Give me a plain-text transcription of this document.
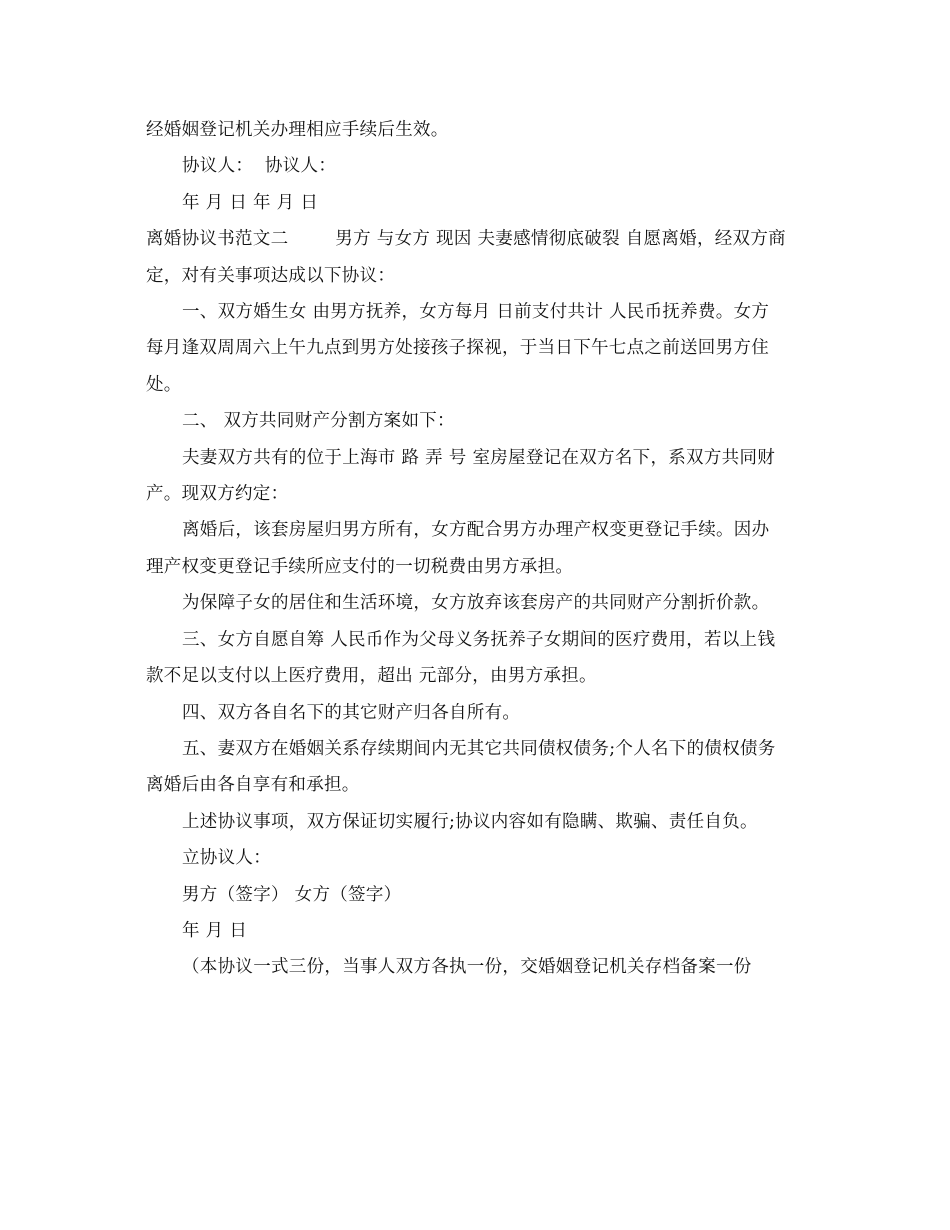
经婚姻登记机关办理相应手续后生效。

协议人：  协议人：

年 月 日 年 月 日

离婚协议书范文二        男方 与女方 现因 夫妻感情彻底破裂 自愿离婚，经双方商

定，对有关事项达成以下协议：

一、双方婚生女 由男方抚养，女方每月 日前支付共计 人民币抚养费。女方

每月逢双周周六上午九点到男方处接孩子探视，于当日下午七点之前送回男方住

处。

二、 双方共同财产分割方案如下：

夫妻双方共有的位于上海市 路 弄 号 室房屋登记在双方名下，系双方共同财

产。现双方约定：

离婚后，该套房屋归男方所有，女方配合男方办理产权变更登记手续。因办

理产权变更登记手续所应支付的一切税费由男方承担。

为保障子女的居住和生活环境，女方放弃该套房产的共同财产分割折价款。

三、女方自愿自筹 人民币作为父母义务抚养子女期间的医疗费用，若以上钱

款不足以支付以上医疗费用，超出 元部分，由男方承担。

四、双方各自名下的其它财产归各自所有。

五、妻双方在婚姻关系存续期间内无其它共同债权债务;个人名下的债权债务

离婚后由各自享有和承担。

上述协议事项，双方保证切实履行;协议内容如有隐瞒、欺骗、责任自负。

立协议人：

男方（签字） 女方（签字）

年 月 日

（本协议一式三份，当事人双方各执一份，交婚姻登记机关存档备案一份
